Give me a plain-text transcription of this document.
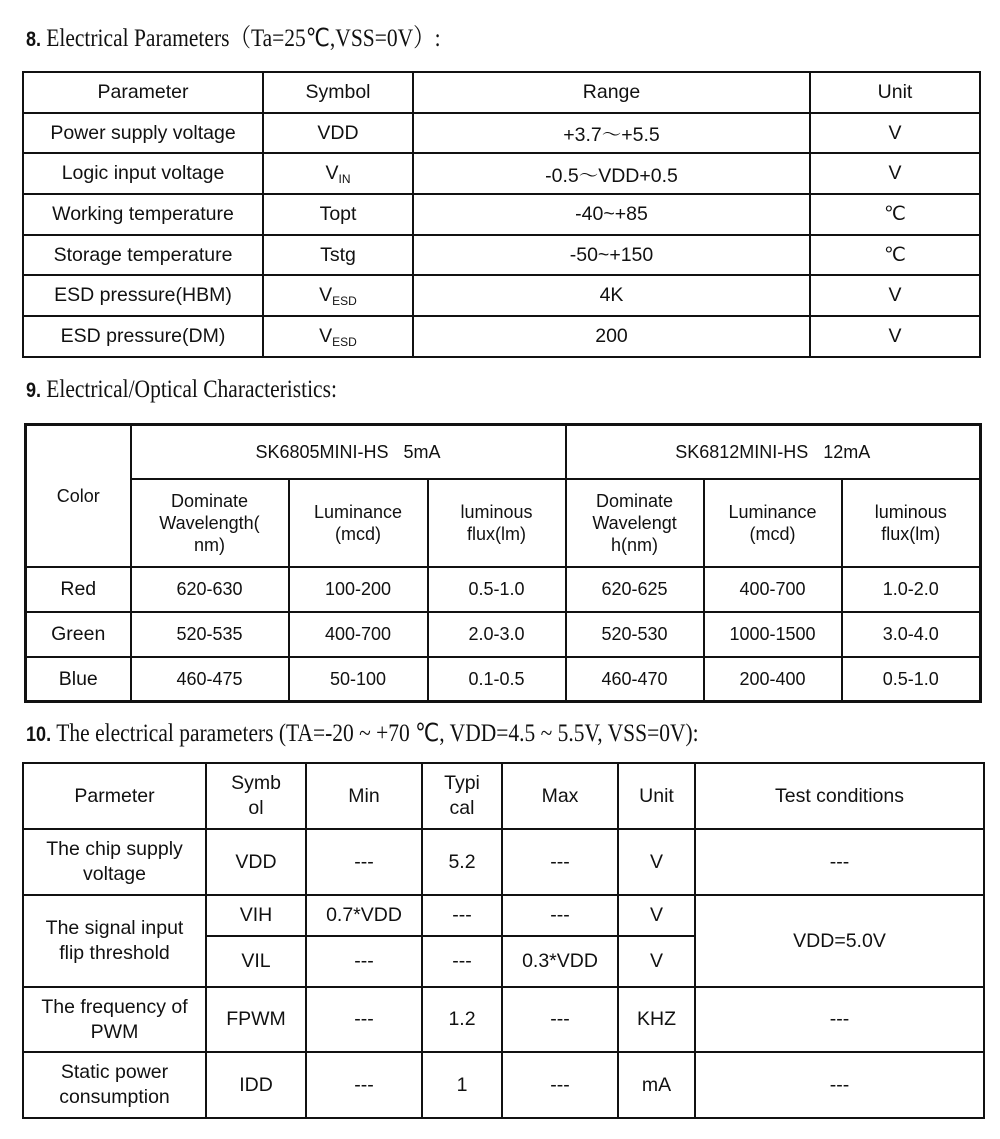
8. Electrical Parameters（Ta=25℃,VSS=0V）:
Parameter	Symbol	Range	Unit
Power supply voltage	VDD	+3.7～+5.5	V
Logic input voltage	$V_{IN}$	-0.5～VDD+0.5	V
Working temperature	Topt	-40~+85	℃
Storage temperature	Tstg	-50~+150	℃
ESD pressure(HBM)	$V_{ESD}$	4K	V
ESD pressure(DM)	$V_{ESD}$	200	V
9. Electrical/Optical Characteristics:
Color	SK6805MINI-HS   5mA			SK6812MINI-HS   12mA		
	Dominate Wavelength( nm)	Luminance (mcd)	luminous flux(lm)	Dominate Wavelengt h(nm)	Luminance (mcd)	luminous flux(lm)
Red	620-630	100-200	0.5-1.0	620-625	400-700	1.0-2.0
Green	520-535	400-700	2.0-3.0	520-530	1000-1500	3.0-4.0
Blue	460-475	50-100	0.1-0.5	460-470	200-400	0.5-1.0
10. The electrical parameters (TA=-20 ~ +70 ℃, VDD=4.5 ~ 5.5V, VSS=0V):
Parmeter	Symb ol	Min	Typi cal	Max	Unit	Test conditions
The chip supply voltage	VDD	---	5.2	---	V	---
The signal input flip threshold	VIH	0.7*VDD	---	---	V	VDD=5.0V
	VIL	---	---	0.3*VDD	V	
The frequency of PWM	FPWM	---	1.2	---	KHZ	---
Static power consumption	IDD	---	1	---	mA	---
